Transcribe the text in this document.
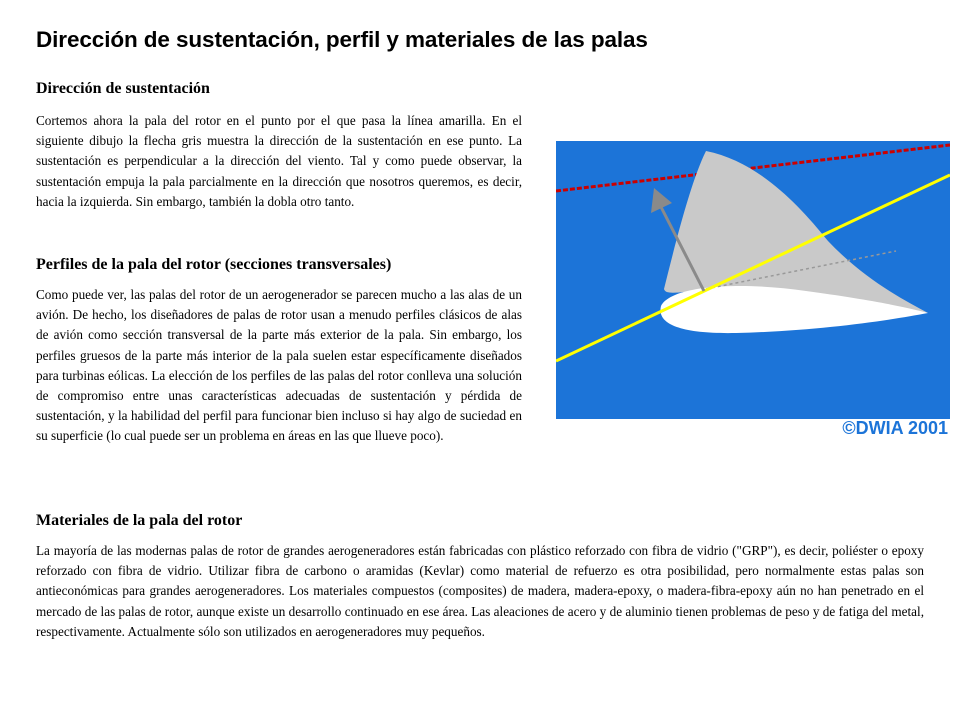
Dirección de sustentación, perfil y materiales de las palas
Dirección de sustentación

Cortemos ahora la pala del rotor en el punto por el que pasa la línea amarilla. En el siguiente dibujo la flecha gris muestra la dirección de la sustentación en ese punto. La sustentación es perpendicular a la dirección del viento. Tal y como puede observar, la sustentación empuja la pala parcialmente en la dirección que nosotros queremos, es decir, hacia la izquierda. Sin embargo, también la dobla otro tanto.

Perfiles de la pala del rotor (secciones transversales)

Como puede ver, las palas del rotor de un aerogenerador se parecen mucho a las alas de un avión. De hecho, los diseñadores de palas de rotor usan a menudo perfiles clásicos de alas de avión como sección transversal de la parte más exterior de la pala. Sin embargo, los perfiles gruesos de la parte más interior de la pala suelen estar específicamente diseñados para turbinas eólicas. La elección de los perfiles de las palas del rotor conlleva una solución de compromiso entre unas características adecuadas de sustentación y pérdida de sustentación, y la habilidad del perfil para funcionar bien incluso si hay algo de suciedad en su superficie (lo cual puede ser un problema en áreas en las que llueve poco).

Materiales de la pala del rotor

La mayoría de las modernas palas de rotor de grandes aerogeneradores están fabricadas con plástico reforzado con fibra de vidrio ("GRP"), es decir, poliéster o epoxy reforzado con fibra de vidrio. Utilizar fibra de carbono o aramidas (Kevlar) como material de refuerzo es otra posibilidad, pero normalmente estas palas son antieconómicas para grandes aerogeneradores. Los materiales compuestos (composites) de madera, madera-epoxy, o madera-fibra-epoxy aún no han penetrado en el mercado de las palas de rotor, aunque existe un desarrollo continuado en ese área. Las aleaciones de acero y de aluminio tienen problemas de peso y de fatiga del metal, respectivamente. Actualmente sólo son utilizados en aerogeneradores muy pequeños.

©DWIA 2001
